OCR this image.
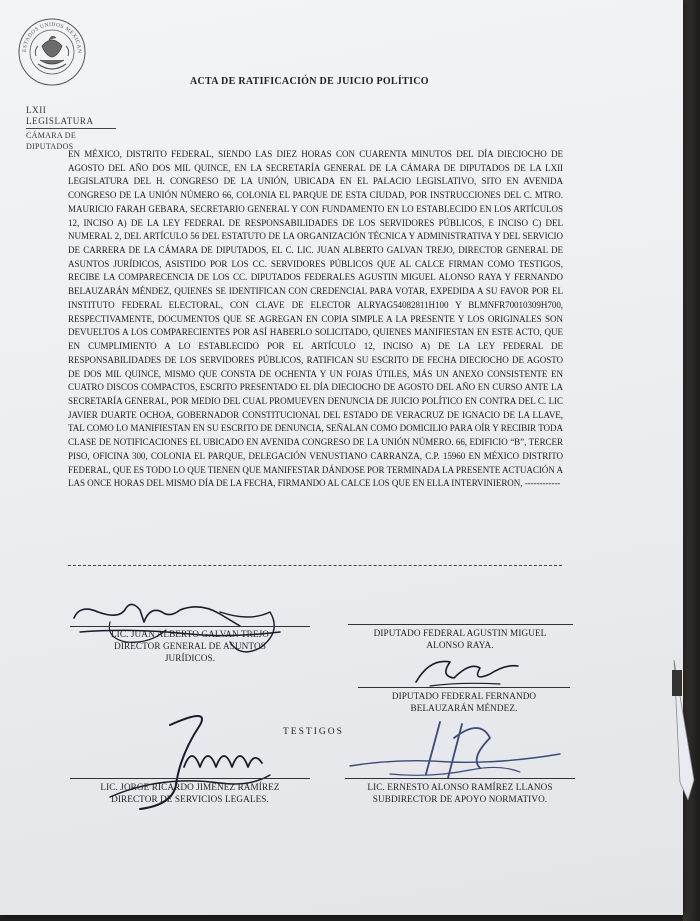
ESTADOS UNIDOS MEXICAN
LXII LEGISLATURA
CÁMARA DE DIPUTADOS
ACTA DE RATIFICACIÓN DE JUICIO POLÍTICO
EN MÉXICO, DISTRITO FEDERAL, SIENDO LAS DIEZ HORAS CON CUARENTA MINUTOS DEL DÍA DIECIOCHO DE AGOSTO DEL AÑO DOS MIL QUINCE, EN LA SECRETARÍA GENERAL DE LA CÁMARA DE DIPUTADOS DE LA LXII LEGISLATURA DEL H. CONGRESO DE LA UNIÓN, UBICADA EN EL PALACIO LEGISLATIVO, SITO EN AVENIDA CONGRESO DE LA UNIÓN NÚMERO 66, COLONIA EL PARQUE DE ESTA CIUDAD, POR INSTRUCCIONES DEL C. MTRO. MAURICIO FARAH GEBARA, SECRETARIO GENERAL Y CON FUNDAMENTO EN LO ESTABLECIDO EN LOS ARTÍCULOS 12, INCISO A) DE LA LEY FEDERAL DE RESPONSABILIDADES DE LOS SERVIDORES PÚBLICOS, E INCISO C) DEL NUMERAL 2, DEL ARTÍCULO 56 DEL ESTATUTO DE LA ORGANIZACIÓN TÉCNICA Y ADMINISTRATIVA Y DEL SERVICIO DE CARRERA DE LA CÁMARA DE DIPUTADOS, EL C. LIC. JUAN ALBERTO GALVAN TREJO, DIRECTOR GENERAL DE ASUNTOS JURÍDICOS, ASISTIDO POR LOS CC. SERVIDORES PÚBLICOS QUE AL CALCE FIRMAN COMO TESTIGOS, RECIBE LA COMPARECENCIA DE LOS CC. DIPUTADOS FEDERALES AGUSTIN MIGUEL ALONSO RAYA Y FERNANDO BELAUZARÁN MÉNDEZ, QUIENES SE IDENTIFICAN CON CREDENCIAL PARA VOTAR, EXPEDIDA A SU FAVOR POR EL INSTITUTO FEDERAL ELECTORAL, CON CLAVE DE ELECTOR ALRYAG54082811H100 Y BLMNFR70010309H700, RESPECTIVAMENTE, DOCUMENTOS QUE SE AGREGAN EN COPIA SIMPLE A LA PRESENTE Y LOS ORIGINALES SON DEVUELTOS A LOS COMPARECIENTES POR ASÍ HABERLO SOLICITADO, QUIENES MANIFIESTAN EN ESTE ACTO, QUE EN CUMPLIMIENTO A LO ESTABLECIDO POR EL ARTÍCULO 12, INCISO A) DE LA LEY FEDERAL DE RESPONSABILIDADES DE LOS SERVIDORES PÚBLICOS, RATIFICAN SU ESCRITO DE FECHA DIECIOCHO DE AGOSTO DE DOS MIL QUINCE, MISMO QUE CONSTA DE OCHENTA Y UN FOJAS ÚTILES, MÁS UN ANEXO CONSISTENTE EN CUATRO DISCOS COMPACTOS, ESCRITO PRESENTADO EL DÍA DIECIOCHO DE AGOSTO DEL AÑO EN CURSO ANTE LA SECRETARÍA GENERAL, POR MEDIO DEL CUAL PROMUEVEN DENUNCIA DE JUICIO POLÍTICO EN CONTRA DEL C. LIC JAVIER DUARTE OCHOA, GOBERNADOR CONSTITUCIONAL DEL ESTADO DE VERACRUZ DE IGNACIO DE LA LLAVE, TAL COMO LO MANIFIESTAN EN SU ESCRITO DE DENUNCIA, SEÑALAN COMO DOMICILIO PARA OÍR Y RECIBIR TODA CLASE DE NOTIFICACIONES EL UBICADO EN AVENIDA CONGRESO DE LA UNIÓN NÚMERO. 66, EDIFICIO “B”, TERCER PISO, OFICINA 300, COLONIA EL PARQUE, DELEGACIÓN VENUSTIANO CARRANZA, C.P. 15960 EN MÉXICO DISTRITO FEDERAL, QUE ES TODO LO QUE TIENEN QUE MANIFESTAR DÁNDOSE POR TERMINADA LA PRESENTE ACTUACIÓN A LAS ONCE HORAS DEL MISMO DÍA DE LA FECHA, FIRMANDO AL CALCE LOS QUE EN ELLA INTERVINIERON, ------------
LIC. JUAN ALBERTO GALVAN TREJO
DIRECTOR GENERAL DE ASUNTOS JURÍDICOS.
DIPUTADO FEDERAL AGUSTIN MIGUEL
ALONSO RAYA.
DIPUTADO FEDERAL FERNANDO
BELAUZARÁN MÉNDEZ.
TESTIGOS
LIC. JORGE RICARDO JIMÉNEZ RAMÍREZ
DIRECTOR DE SERVICIOS LEGALES.
LIC. ERNESTO ALONSO RAMÍREZ LLANOS
SUBDIRECTOR DE APOYO NORMATIVO.
